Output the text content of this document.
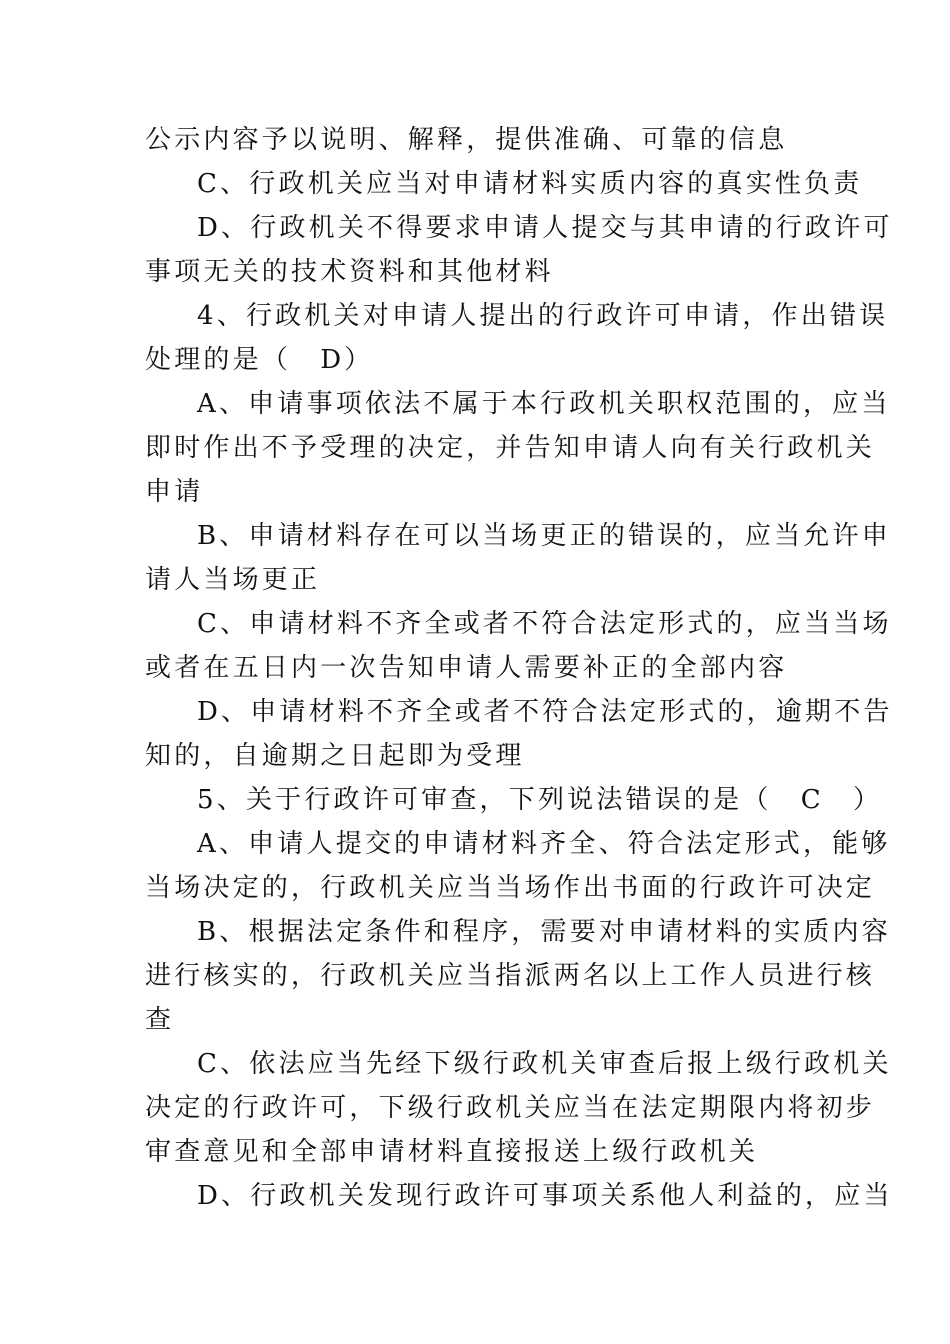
公示内容予以说明、解释，提供准确、可靠的信息
C、行政机关应当对申请材料实质内容的真实性负责
D、行政机关不得要求申请人提交与其申请的行政许可
事项无关的技术资料和其他材料
4、行政机关对申请人提出的行政许可申请，作出错误
处理的是（　D）
A、申请事项依法不属于本行政机关职权范围的，应当
即时作出不予受理的决定，并告知申请人向有关行政机关
申请
B、申请材料存在可以当场更正的错误的，应当允许申
请人当场更正
C、申请材料不齐全或者不符合法定形式的，应当当场
或者在五日内一次告知申请人需要补正的全部内容
D、申请材料不齐全或者不符合法定形式的，逾期不告
知的，自逾期之日起即为受理
5、关于行政许可审查，下列说法错误的是（　C　）
A、申请人提交的申请材料齐全、符合法定形式，能够
当场决定的，行政机关应当当场作出书面的行政许可决定
B、根据法定条件和程序，需要对申请材料的实质内容
进行核实的，行政机关应当指派两名以上工作人员进行核
查
C、依法应当先经下级行政机关审查后报上级行政机关
决定的行政许可，下级行政机关应当在法定期限内将初步
审查意见和全部申请材料直接报送上级行政机关
D、行政机关发现行政许可事项关系他人利益的，应当
